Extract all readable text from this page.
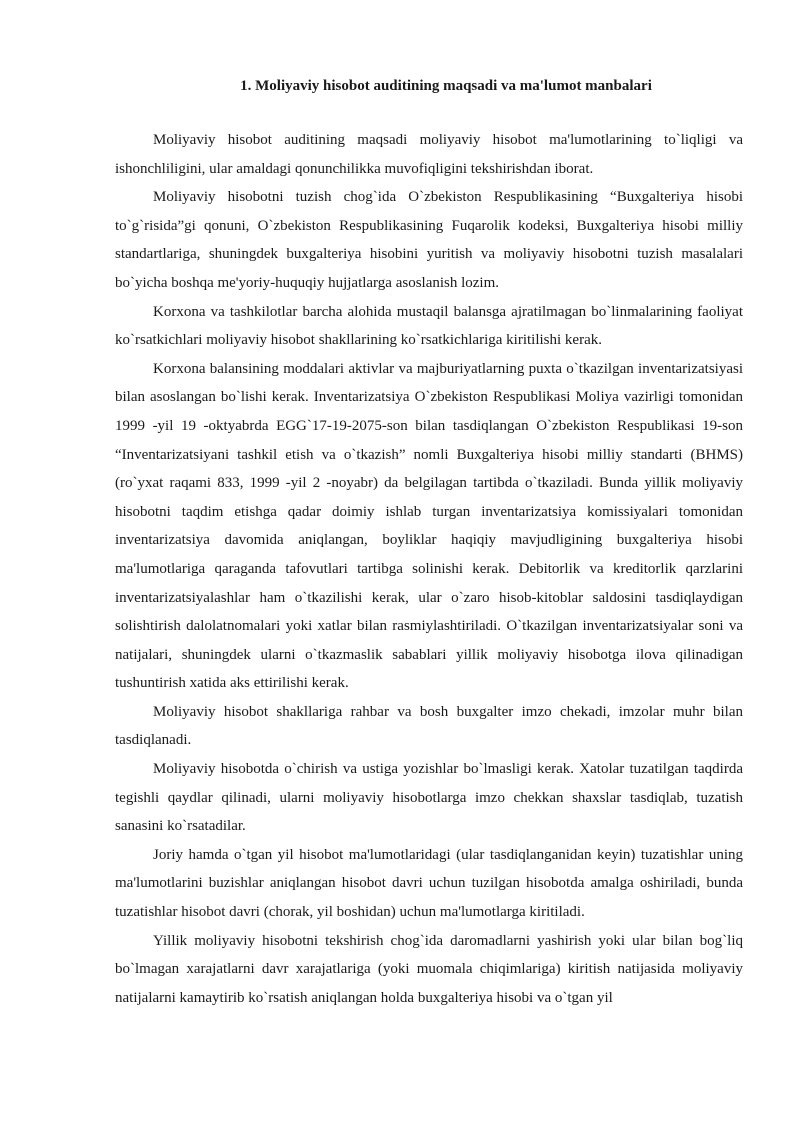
1. Moliyaviy hisobot auditining maqsadi va ma'lumot manbalari

Moliyaviy hisobot auditining maqsadi moliyaviy hisobot ma'lumotlarining to`liqligi va ishonchliligini, ular amaldagi qonunchilikka muvofiqligini tekshirishdan iborat.

Moliyaviy hisobotni tuzish chog`ida O`zbekiston Respublikasining “Buxgalteriya hisobi to`g`risida”gi qonuni, O`zbekiston Respublikasining Fuqarolik kodeksi, Buxgalteriya hisobi milliy standartlariga, shuningdek buxgalteriya hisobini yuritish va moliyaviy hisobotni tuzish masalalari bo`yicha boshqa me'yoriy-huquqiy hujjatlarga asoslanish lozim.

Korxona va tashkilotlar barcha alohida mustaqil balansga ajratilmagan bo`linmalarining faoliyat ko`rsatkichlari moliyaviy hisobot shakllarining ko`rsatkichlariga kiritilishi kerak.

Korxona balansining moddalari aktivlar va majburiyatlarning puxta o`tkazilgan inventarizatsiyasi bilan asoslangan bo`lishi kerak. Inventarizatsiya O`zbekiston Respublikasi Moliya vazirligi tomonidan 1999 -yil 19 -oktyabrda EGG`17-19-2075-son bilan tasdiqlangan O`zbekiston Respublikasi 19-son “Inventarizatsiyani tashkil etish va o`tkazish” nomli Buxgalteriya hisobi milliy standarti (BHMS) (ro`yxat raqami 833, 1999 -yil 2 -noyabr) da belgilagan tartibda o`tkaziladi. Bunda yillik moliyaviy hisobotni taqdim etishga qadar doimiy ishlab turgan inventarizatsiya komissiyalari tomonidan inventarizatsiya davomida aniqlangan, boyliklar haqiqiy mavjudligining buxgalteriya hisobi ma'lumotlariga qaraganda tafovutlari tartibga solinishi kerak. Debitorlik va kreditorlik qarzlarini inventarizatsiyalashlar ham o`tkazilishi kerak, ular o`zaro hisob-kitoblar saldosini tasdiqlaydigan solishtirish dalolatnomalari yoki xatlar bilan rasmiylashtiriladi. O`tkazilgan inventarizatsiyalar soni va natijalari, shuningdek ularni o`tkazmaslik sabablari yillik moliyaviy hisobotga ilova qilinadigan tushuntirish xatida aks ettirilishi kerak.

Moliyaviy hisobot shakllariga rahbar va bosh buxgalter imzo chekadi, imzolar muhr bilan tasdiqlanadi.

Moliyaviy hisobotda o`chirish va ustiga yozishlar bo`lmasligi kerak. Xatolar tuzatilgan taqdirda tegishli qaydlar qilinadi, ularni moliyaviy hisobotlarga imzo chekkan shaxslar tasdiqlab, tuzatish sanasini ko`rsatadilar.

Joriy hamda o`tgan yil hisobot ma'lumotlaridagi (ular tasdiqlanganidan keyin) tuzatishlar uning ma'lumotlarini buzishlar aniqlangan hisobot davri uchun tuzilgan hisobotda amalga oshiriladi, bunda tuzatishlar hisobot davri (chorak, yil boshidan) uchun ma'lumotlarga kiritiladi.

Yillik moliyaviy hisobotni tekshirish chog`ida daromadlarni yashirish yoki ular bilan bog`liq bo`lmagan xarajatlarni davr xarajatlariga (yoki muomala chiqimlariga) kiritish natijasida moliyaviy natijalarni kamaytirib ko`rsatish aniqlangan holda buxgalteriya hisobi va o`tgan yil
